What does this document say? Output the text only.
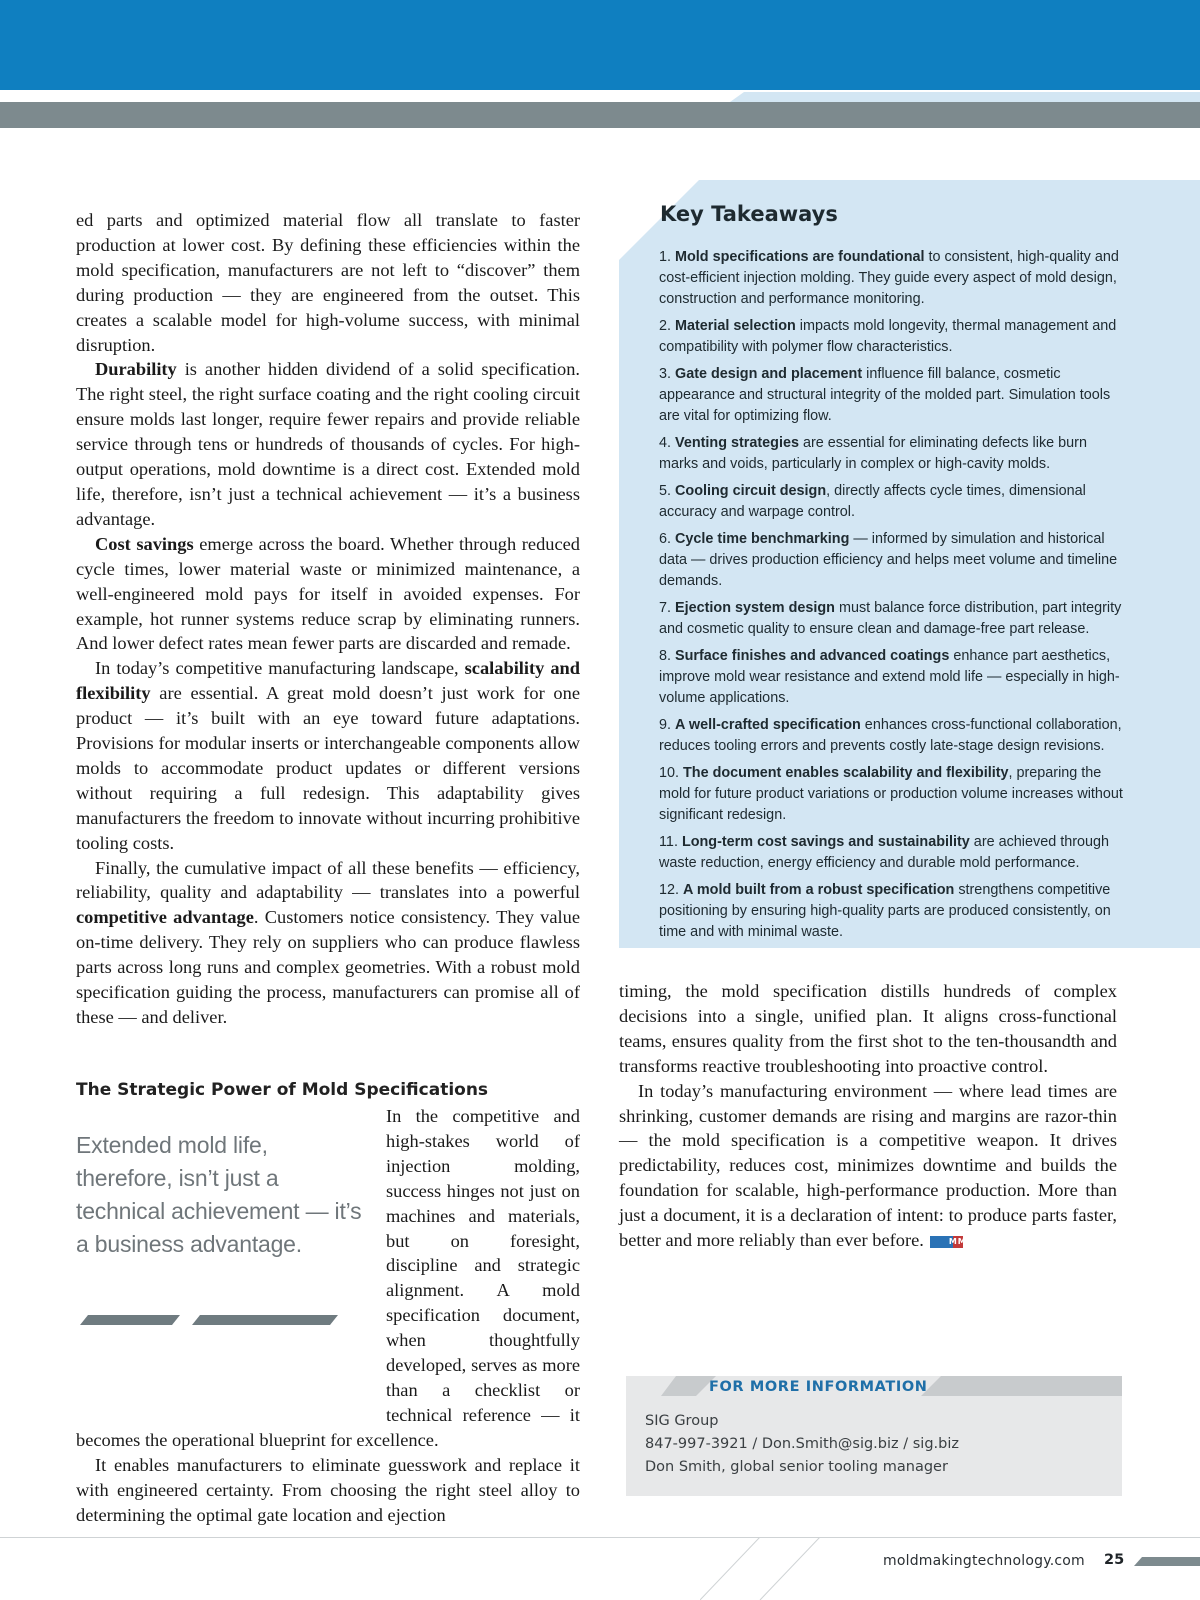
ed parts and optimized material flow all translate to faster production at lower cost. By defining these efficiencies within the mold specification, manufacturers are not left to “discover” them during production — they are engineered from the outset. This creates a scalable model for high-volume success, with minimal disruption.

Durability is another hidden dividend of a solid specification. The right steel, the right surface coating and the right cooling circuit ensure molds last longer, require fewer repairs and provide reliable service through tens or hundreds of thousands of cycles. For high-output operations, mold downtime is a direct cost. Extended mold life, therefore, isn’t just a technical achievement — it’s a business advantage.

Cost savings emerge across the board. Whether through reduced cycle times, lower material waste or minimized maintenance, a well-engineered mold pays for itself in avoided expenses. For example, hot runner systems reduce scrap by eliminating runners. And lower defect rates mean fewer parts are discarded and remade.

In today’s competitive manufacturing landscape, scalability and flexibility are essential. A great mold doesn’t just work for one product — it’s built with an eye toward future adaptations. Provisions for modular inserts or interchangeable components allow molds to accommodate product updates or different versions without requiring a full redesign. This adaptability gives manufacturers the freedom to innovate without incurring prohibitive tooling costs.

Finally, the cumulative impact of all these benefits — efficiency, reliability, quality and adaptability — translates into a powerful competitive advantage. Customers notice consistency. They value on-time delivery. They rely on suppliers who can produce flawless parts across long runs and complex geometries. With a robust mold specification guiding the process, manufacturers can promise all of these — and deliver.

The Strategic Power of Mold Specifications
Extended mold life, therefore, isn’t just a technical achievement — it’s a business advantage.

In the competitive and high-stakes world of injection molding, success hinges not just on machines and materials, but on foresight, discipline and strategic alignment. A mold specification document, when thoughtfully developed, serves as more than a checklist or technical reference — it becomes the operational blueprint for excellence.

It enables manufacturers to eliminate guesswork and replace it with engineered certainty. From choosing the right steel alloy to determining the optimal gate location and ejection

Key Takeaways
1. Mold specifications are foundational to consistent, high-quality and cost-efficient injection molding. They guide every aspect of mold design, construction and performance monitoring.
2. Material selection impacts mold longevity, thermal management and compatibility with polymer flow characteristics.
3. Gate design and placement influence fill balance, cosmetic appearance and structural integrity of the molded part. Simulation tools are vital for optimizing flow.
4. Venting strategies are essential for eliminating defects like burn marks and voids, particularly in complex or high-cavity molds.
5. Cooling circuit design, directly affects cycle times, dimensional accuracy and warpage control.
6. Cycle time benchmarking — informed by simulation and historical data — drives production efficiency and helps meet volume and timeline demands.
7. Ejection system design must balance force distribution, part integrity and cosmetic quality to ensure clean and damage-free part release.
8. Surface finishes and advanced coatings enhance part aesthetics, improve mold wear resistance and extend mold life — especially in high-volume applications.
9. A well-crafted specification enhances cross-functional collaboration, reduces tooling errors and prevents costly late-stage design revisions.
10. The document enables scalability and flexibility, preparing the mold for future product variations or production volume increases without significant redesign.
11. Long-term cost savings and sustainability are achieved through waste reduction, energy efficiency and durable mold performance.
12. A mold built from a robust specification strengthens competitive positioning by ensuring high-quality parts are produced consistently, on time and with minimal waste.

timing, the mold specification distills hundreds of complex decisions into a single, unified plan. It aligns cross-functional teams, ensures quality from the first shot to the ten-thousandth and transforms reactive troubleshooting into proactive control.

In today’s manufacturing environment — where lead times are shrinking, customer demands are rising and margins are razor-thin — the mold specification is a competitive weapon. It drives predictability, reduces cost, minimizes downtime and builds the foundation for scalable, high-performance production. More than just a document, it is a declaration of intent: to produce parts faster, better and more reliably than ever before.	MMT

FOR MORE INFORMATION
SIG Group
847-997-3921 / Don.Smith@sig.biz / sig.biz
Don Smith, global senior tooling manager
moldmakingtechnology.com 25
